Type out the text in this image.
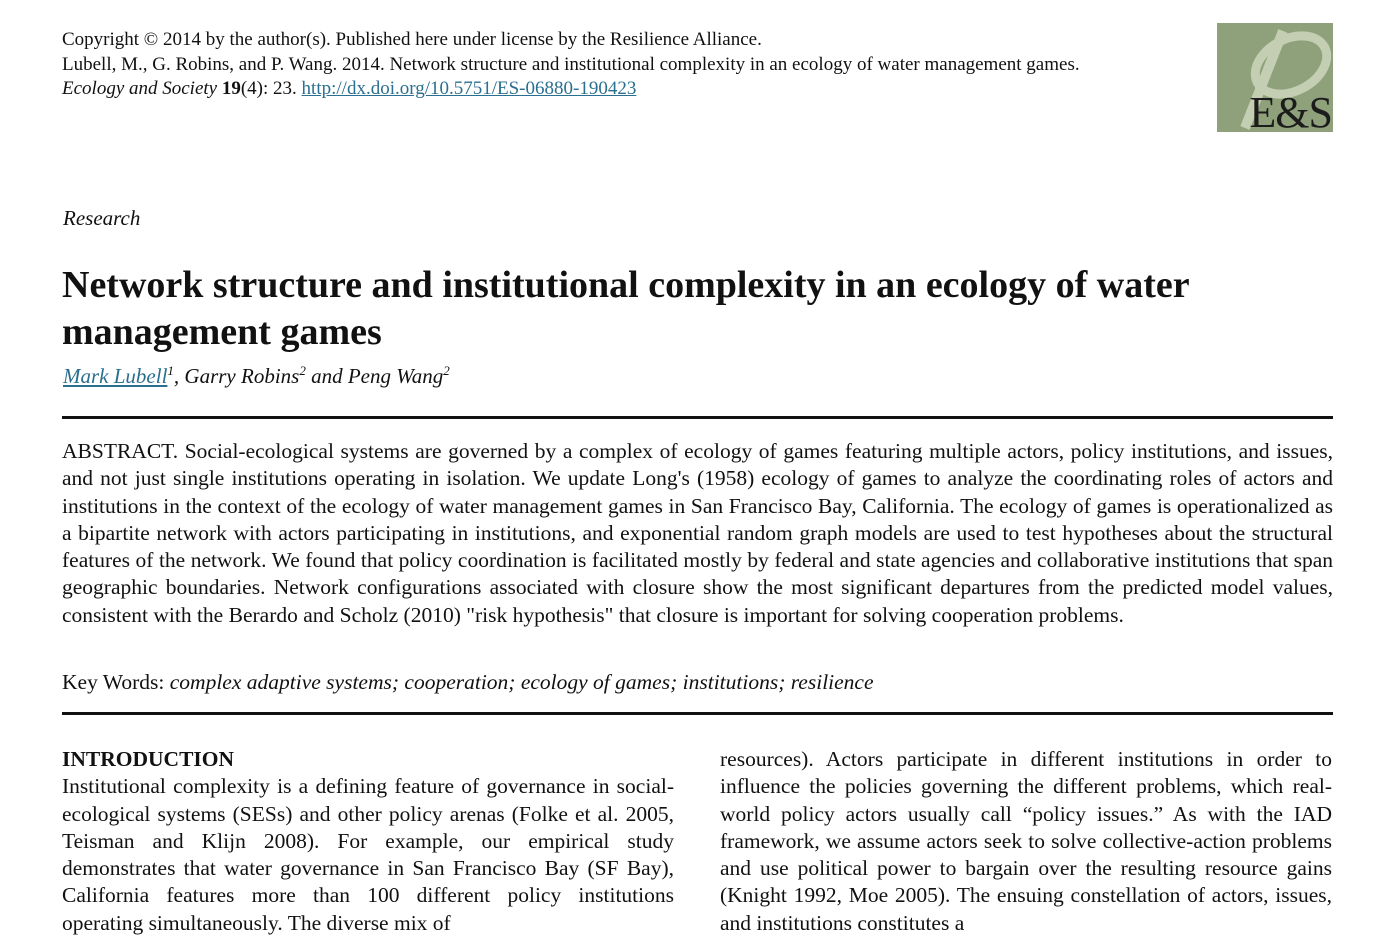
Copyright © 2014 by the author(s). Published here under license by the Resilience Alliance.
Lubell, M., G. Robins, and P. Wang. 2014. Network structure and institutional complexity in an ecology of water management games.
Ecology and Society 19(4): 23. http://dx.doi.org/10.5751/ES-06880-190423	E&S
Research
Network structure and institutional complexity in an ecology of water management games
Mark Lubell$^1$, Garry Robins$^2$ and Peng Wang$^2$

ABSTRACT. Social-ecological systems are governed by a complex of ecology of games featuring multiple actors, policy institutions, and issues, and not just single institutions operating in isolation. We update Long's (1958) ecology of games to analyze the coordinating roles of actors and institutions in the context of the ecology of water management games in San Francisco Bay, California. The ecology of games is operationalized as a bipartite network with actors participating in institutions, and exponential random graph models are used to test hypotheses about the structural features of the network. We found that policy coordination is facilitated mostly by federal and state agencies and collaborative institutions that span geographic boundaries. Network configurations associated with closure show the most significant departures from the predicted model values, consistent with the Berardo and Scholz (2010) "risk hypothesis" that closure is important for solving cooperation problems.

Key Words: complex adaptive systems; cooperation; ecology of games; institutions; resilience
INTRODUCTION

Institutional complexity is a defining feature of governance in social-ecological systems (SESs) and other policy arenas (Folke et al. 2005, Teisman and Klijn 2008). For example, our empirical study demonstrates that water governance in San Francisco Bay (SF Bay), California features more than 100 different policy institutions operating simultaneously. The diverse mix of

resources). Actors participate in different institutions in order to influence the policies governing the different problems, which real-world policy actors usually call “policy issues.” As with the IAD framework, we assume actors seek to solve collective-action problems and use political power to bargain over the resulting resource gains (Knight 1992, Moe 2005). The ensuing constellation of actors, issues, and institutions constitutes a
